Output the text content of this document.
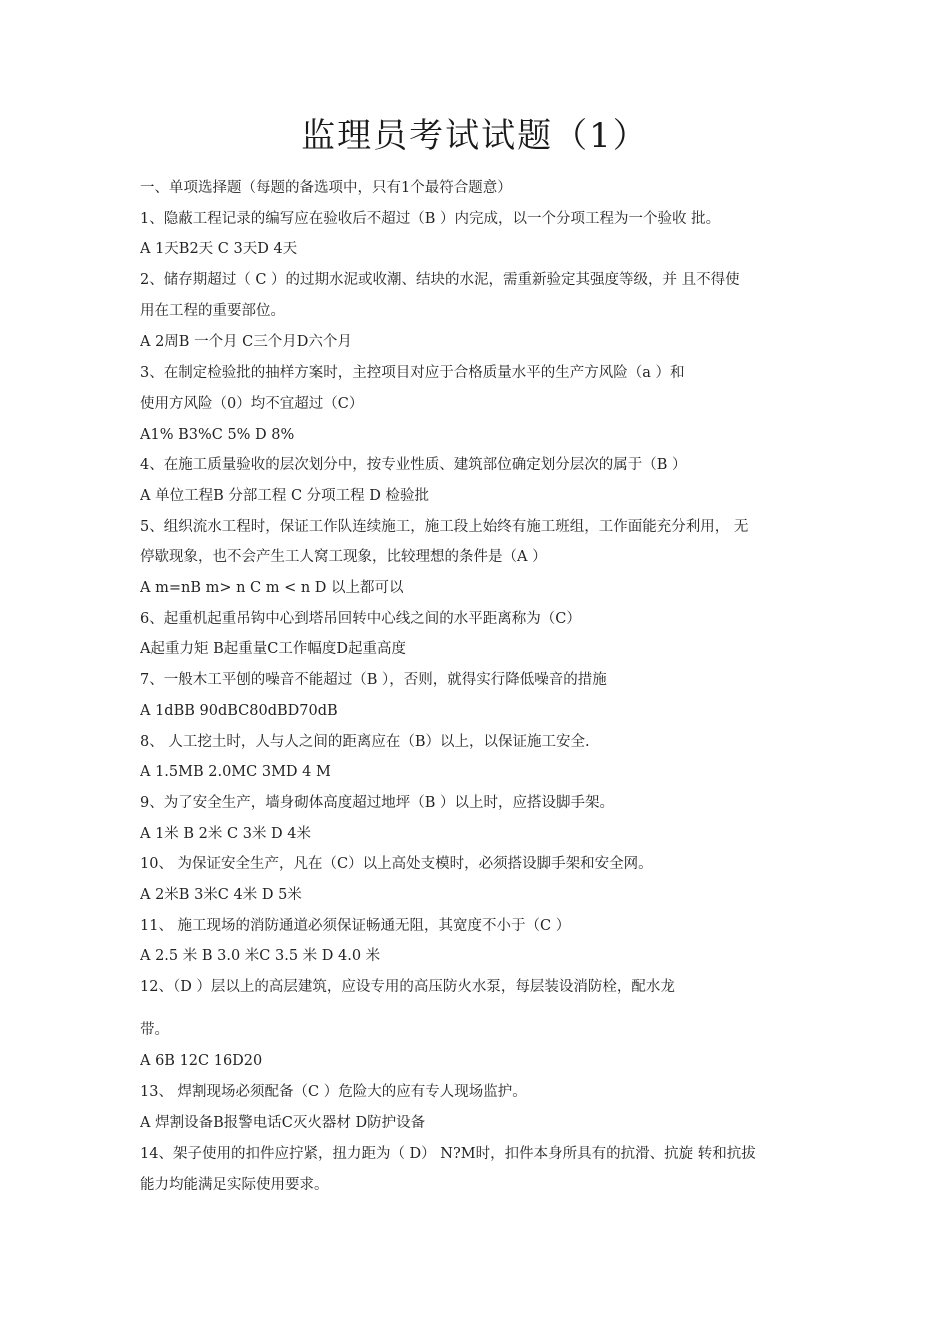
监理员考试试题（1）
一、单项选择题（每题的备选项中，只有1个最符合题意）
1、隐蔽工程记录的编写应在验收后不超过（B ）内完成，以一个分项工程为一个验收 批。
A 1天B2天 C 3天D 4天
2、储存期超过（ C ）的过期水泥或收潮、结块的水泥，需重新验定其强度等级，并 且不得使
用在工程的重要部位。
A 2周B 一个月 C三个月D六个月
3、在制定检验批的抽样方案时，主控项目对应于合格质量水平的生产方风险（a ）和
使用方风险（0）均不宜超过（C）
A1% B3%C 5% D 8%
4、在施工质量验收的层次划分中，按专业性质、建筑部位确定划分层次的属于（B ）
A 单位工程B 分部工程 C 分项工程 D 检验批
5、组织流水工程时，保证工作队连续施工，施工段上始终有施工班组，工作面能充分利用， 无
停歇现象，也不会产生工人窝工现象，比较理想的条件是（A ）
A m=nB m> n C m < n D 以上都可以
6、起重机起重吊钩中心到塔吊回转中心线之间的水平距离称为（C）
A起重力矩 B起重量C工作幅度D起重高度
7、一般木工平刨的噪音不能超过（B ），否则，就得实行降低噪音的措施
A 1dBB 90dBC80dBD70dB
8、 人工挖土时，人与人之间的距离应在（B）以上，以保证施工安全.
A 1.5MB 2.0MC 3MD 4 M
9、为了安全生产，墙身砌体高度超过地坪（B ）以上时，应搭设脚手架。
A 1米 B 2米 C 3米 D 4米
10、 为保证安全生产，凡在（C）以上高处支模时，必须搭设脚手架和安全网。
A 2米B 3米C 4米 D 5米
11、 施工现场的消防通道必须保证畅通无阻，其宽度不小于（C ）
A 2.5 米 B 3.0 米C 3.5 米 D 4.0 米
12、（D ）层以上的高层建筑，应设专用的高压防火水泵，每层装设消防栓，配水龙
带。
A 6B 12C 16D20
13、 焊割现场必须配备（C ）危险大的应有专人现场监护。
A 焊割设备B报警电话C灭火器材 D防护设备
14、架子使用的扣件应拧紧，扭力距为（ D） N?M时，扣件本身所具有的抗滑、抗旋 转和抗拔
能力均能满足实际使用要求。
